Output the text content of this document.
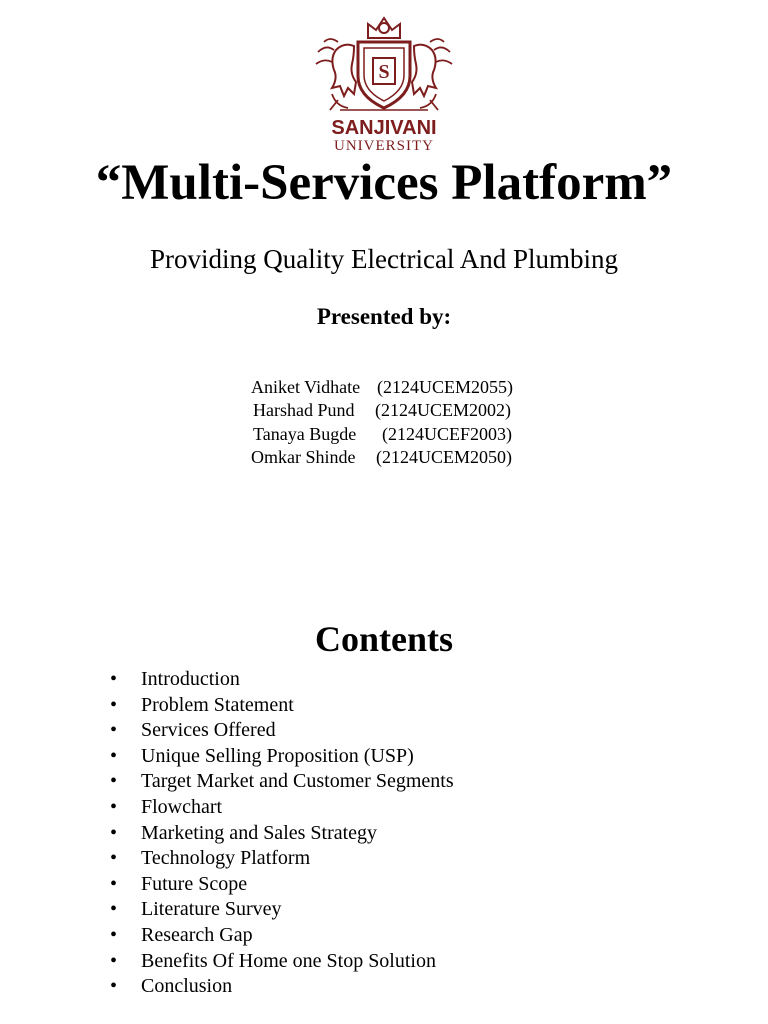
S
SANJIVANI
UNIVERSITY
“Multi-Services Platform”
Providing Quality Electrical And Plumbing
Presented by:
Aniket Vidhate (2124UCEM2055)
Harshad Pund (2124UCEM2002)
Tanaya Bugde (2124UCEF2003)
Omkar Shinde (2124UCEM2050)
Contents
• Introduction
• Problem Statement
• Services Offered
• Unique Selling Proposition (USP)
• Target Market and Customer Segments
• Flowchart
• Marketing and Sales Strategy
• Technology Platform
• Future Scope
• Literature Survey
• Research Gap
• Benefits Of Home one Stop Solution
• Conclusion
